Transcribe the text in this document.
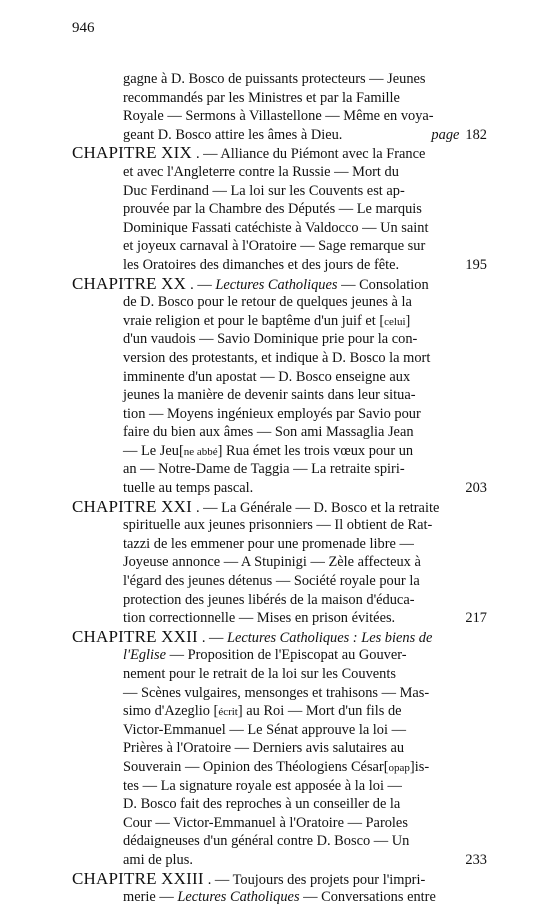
946
gagne à D. Bosco de puissants protecteurs — Jeunes
recommandés par les Ministres et par la Famille
Royale — Sermons à Villastellone — Même en voya-
geant D. Bosco attire les âmes à Dieu.	page 182
CHAPITRE XIX . — Alliance du Piémont avec la France
et avec l'Angleterre contre la Russie — Mort du
Duc Ferdinand — La loi sur les Couvents est ap-
prouvée par la Chambre des Députés — Le marquis
Dominique Fassati catéchiste à Valdocco — Un saint
et joyeux carnaval à l'Oratoire — Sage remarque sur
les Oratoires des dimanches et des jours de fête.	195
CHAPITRE XX . — Lectures Catholiques — Consolation
de D. Bosco pour le retour de quelques jeunes à la
vraie religion et pour le baptême d'un juif et [celui]
d'un vaudois — Savio Dominique prie pour la con-
version des protestants, et indique à D. Bosco la mort
imminente d'un apostat — D. Bosco enseigne aux
jeunes la manière de devenir saints dans leur situa-
tion — Moyens ingénieux employés par Savio pour
faire du bien aux âmes — Son ami Massaglia Jean
— Le Jeu[ne abbé] Rua émet les trois vœux pour un
an — Notre-Dame de Taggia — La retraite spiri-
tuelle au temps pascal.	203
CHAPITRE XXI . — La Générale — D. Bosco et la retraite
spirituelle aux jeunes prisonniers — Il obtient de Rat-
tazzi de les emmener pour une promenade libre —
Joyeuse annonce — A Stupinigi — Zèle affecteux à
l'égard des jeunes détenus — Société royale pour la
protection des jeunes libérés de la maison d'éduca-
tion correctionnelle — Mises en prison évitées.	217
CHAPITRE XXII . — Lectures Catholiques : Les biens de
l'Eglise — Proposition de l'Episcopat au Gouver-
nement pour le retrait de la loi sur les Couvents
— Scènes vulgaires, mensonges et trahisons — Mas-
simo d'Azeglio [écrit] au Roi — Mort d'un fils de
Victor-Emmanuel — Le Sénat approuve la loi —
Prières à l'Oratoire — Derniers avis salutaires au
Souverain — Opinion des Théologiens César[opap]is-
tes — La signature royale est apposée à la loi —
D. Bosco fait des reproches à un conseiller de la
Cour — Victor-Emmanuel à l'Oratoire — Paroles
dédaigneuses d'un général contre D. Bosco — Un
ami de plus.	233
CHAPITRE XXIII . — Toujours des projets pour l'impri-
merie — Lectures Catholiques — Conversations entre
